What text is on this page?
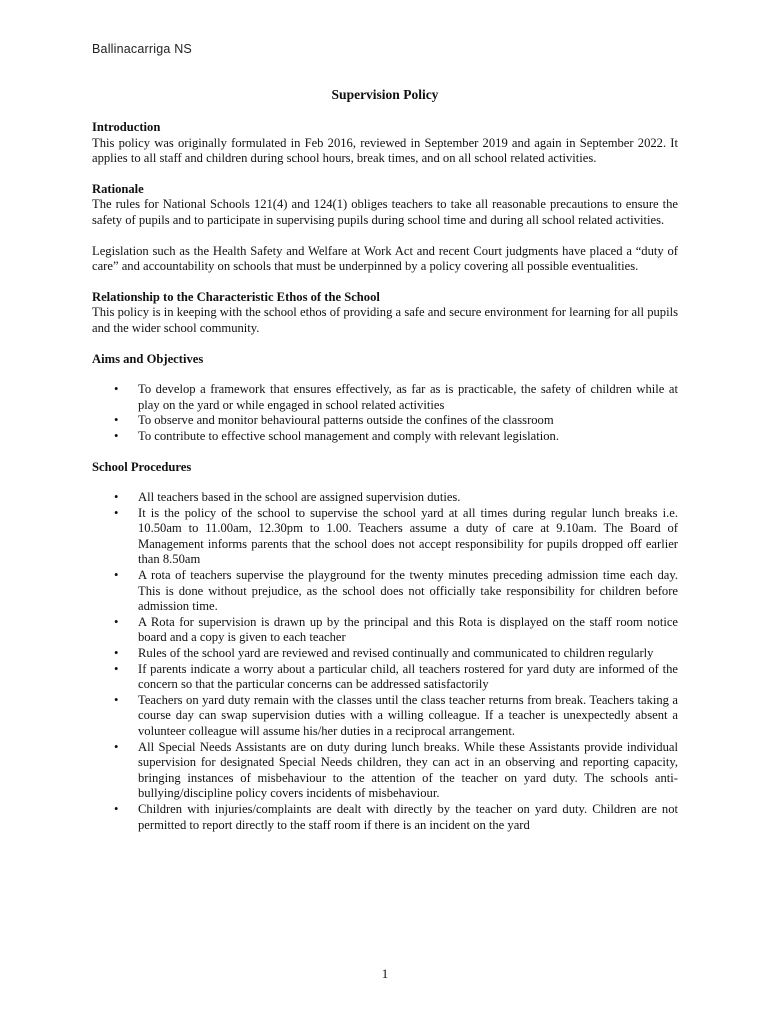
Ballinacarriga NS
Supervision Policy
Introduction

This policy was originally formulated in Feb 2016, reviewed in September 2019 and again in September 2022. It applies to all staff and children during school hours, break times, and on all school related activities.

Rationale

The rules for National Schools 121(4) and 124(1) obliges teachers to take all reasonable precautions to ensure the safety of pupils and to participate in supervising pupils during school time and during all school related activities.

Legislation such as the Health Safety and Welfare at Work Act and recent Court judgments have placed a “duty of care” and accountability on schools that must be underpinned by a policy covering all possible eventualities.

Relationship to the Characteristic Ethos of the School

This policy is in keeping with the school ethos of providing a safe and secure environment for learning for all pupils and the wider school community.

Aims and Objectives
• To develop a framework that ensures effectively, as far as is practicable, the safety of children while at play on the yard or while engaged in school related activities
• To observe and monitor behavioural patterns outside the confines of the classroom
• To contribute to effective school management and comply with relevant legislation.
School Procedures
• All teachers based in the school are assigned supervision duties.
• It is the policy of the school to supervise the school yard at all times during regular lunch breaks i.e. 10.50am to 11.00am, 12.30pm to 1.00. Teachers assume a duty of care at 9.10am. The Board of Management informs parents that the school does not accept responsibility for pupils dropped off earlier than 8.50am
• A rota of teachers supervise the playground for the twenty minutes preceding admission time each day. This is done without prejudice, as the school does not officially take responsibility for children before admission time.
• A Rota for supervision is drawn up by the principal and this Rota is displayed on the staff room notice board and a copy is given to each teacher
• Rules of the school yard are reviewed and revised continually and communicated to children regularly
• If parents indicate a worry about a particular child, all teachers rostered for yard duty are informed of the concern so that the particular concerns can be addressed satisfactorily
• Teachers on yard duty remain with the classes until the class teacher returns from break. Teachers taking a course day can swap supervision duties with a willing colleague. If a teacher is unexpectedly absent a volunteer colleague will assume his/her duties in a reciprocal arrangement.
• All Special Needs Assistants are on duty during lunch breaks. While these Assistants provide individual supervision for designated Special Needs children, they can act in an observing and reporting capacity, bringing instances of misbehaviour to the attention of the teacher on yard duty. The schools anti-bullying/discipline policy covers incidents of misbehaviour.
• Children with injuries/complaints are dealt with directly by the teacher on yard duty. Children are not permitted to report directly to the staff room if there is an incident on the yard
1
